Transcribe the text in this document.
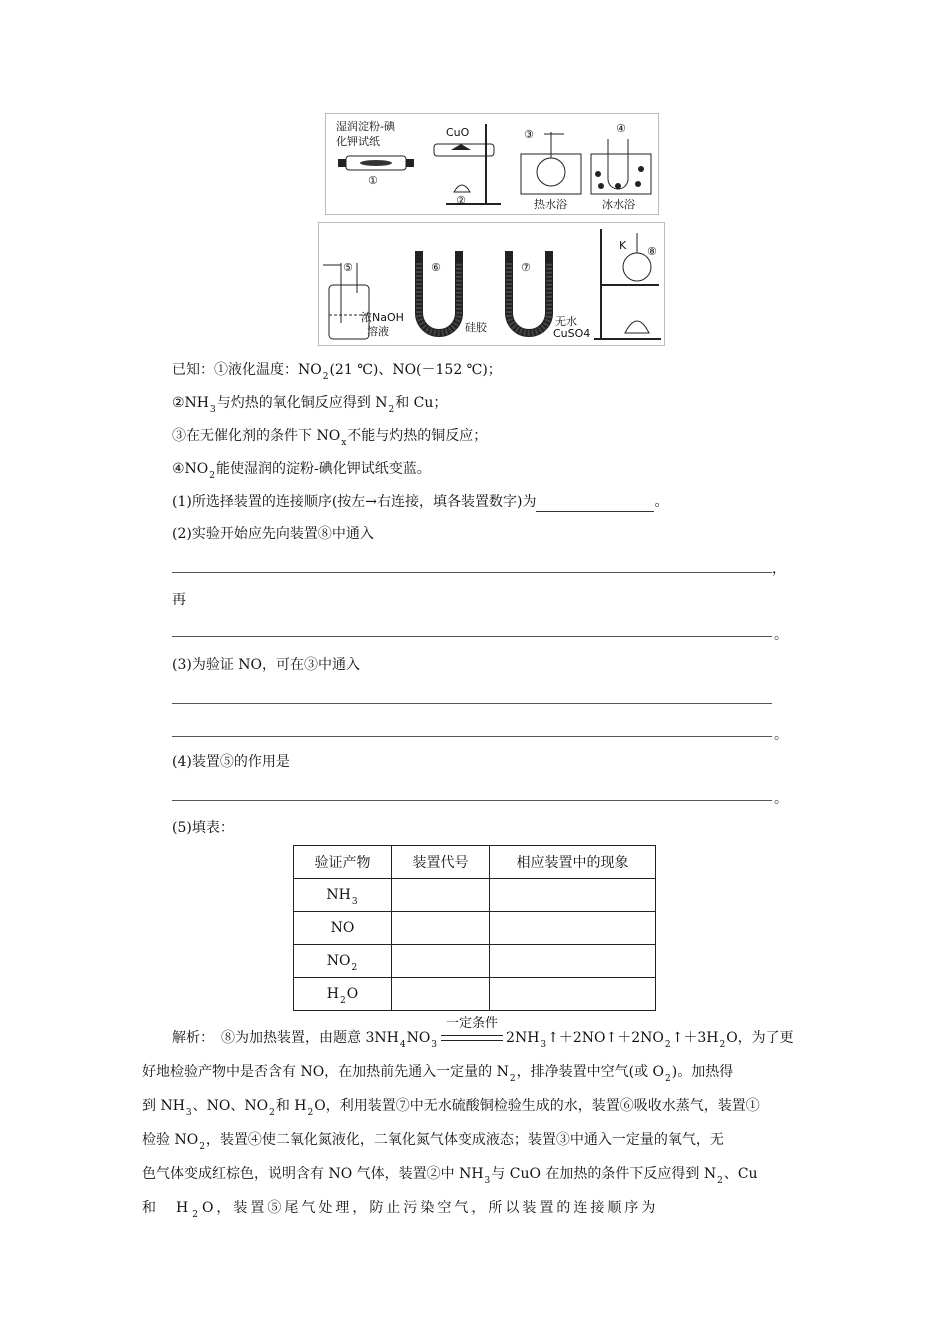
湿润淀粉-碘
化钾试纸
CuO
①
②
③	④
热水浴	冰水浴
⑤	⑥	⑦
⑧
浓NaOH
溶液	硅胶	无水
CuSO4
K
已知：①液化温度：$NO_2(21$ ℃)、NO(－152 ℃)；
$②NH_3$与灼热的氧化铜反应得到 $N_2$和 Cu；
③在无催化剂的条件下 $NO_x$不能与灼热的铜反应；
$④NO_2$能使湿润的淀粉-碘化钾试纸变蓝。
(1)所选择装置的连接顺序(按左→右连接，填各装置数字)为	。
(2)实验开始应先向装置⑧中通入
，
再
。
(3)为验证 NO，可在③中通入
。
(4)装置⑤的作用是
。
(5)填表：
验证产物	装置代号	相应装置中的现象
$NH_3$		
NO		
$NO_2$		
$H_2O$		
解析：　⑧为加热装置，由题意 $3NH_4NO_3$
一定条件
$2NH_3↑+2NO↑+2NO_2↑+3H_2O$，为了更
好地检验产物中是否含有 NO，在加热前先通入一定量的 $N_2$，排净装置中空气(或 $O_2$)。加热得
到 $NH_3$、NO、$NO_2$和 $H_2O$，利用装置⑦中无水硫酸铜检验生成的水，装置⑥吸收水蒸气，装置①
检验 $NO_2$，装置④使二氧化氮液化，二氧化氮气体变成液态；装置③中通入一定量的氧气，无
色气体变成红棕色，说明含有 NO 气体，装置②中 $NH_3$与 CuO 在加热的条件下反应得到 $N_2$、Cu
和　$H_2O$，装置⑤尾气处理，防止污染空气，所以装置的连接顺序为
